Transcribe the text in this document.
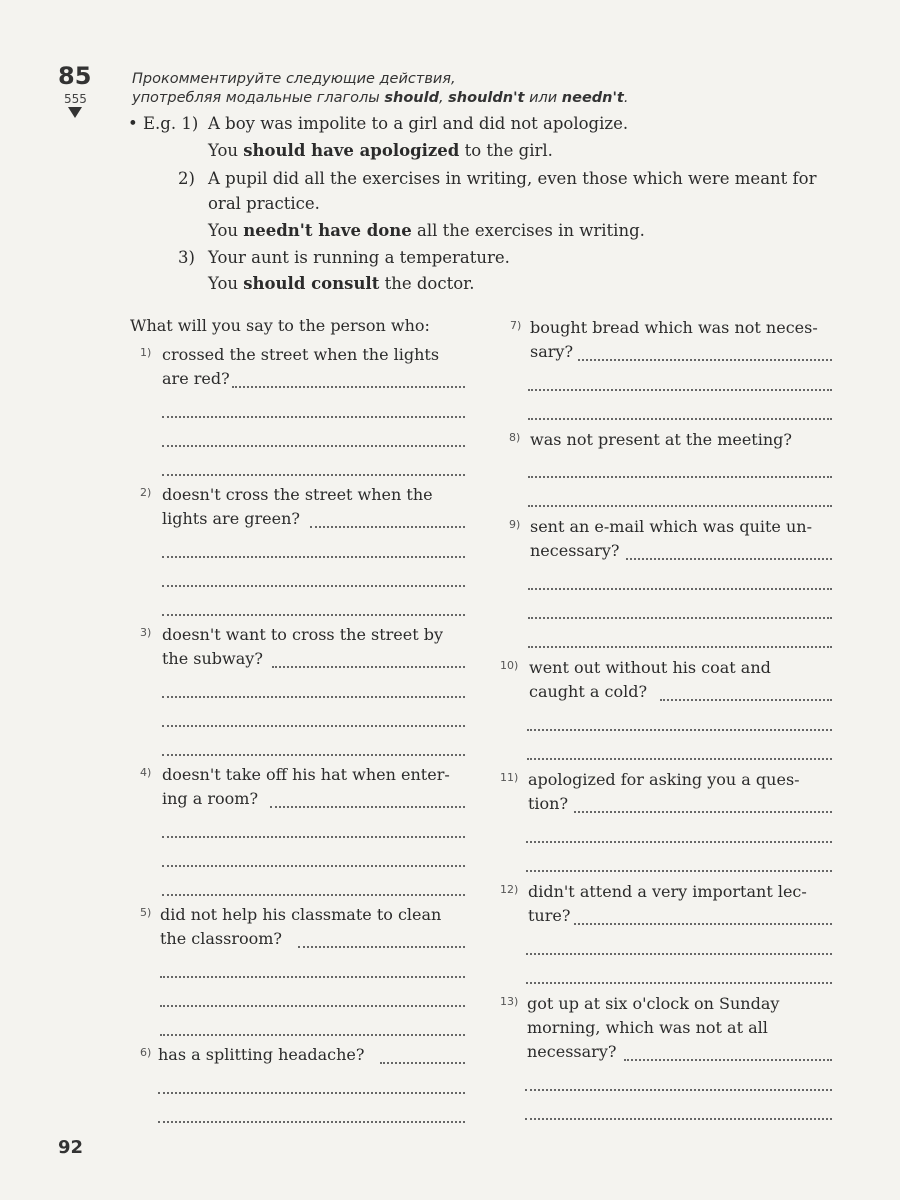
85
555
Прокомментируйте следующие действия,
употребляя модальные глаголы should, shouldn't или needn't.
• E.g. 1) A boy was impolite to a girl and did not apologize.
You should have apologized to the girl.
2) A pupil did all the exercises in writing, even those which were meant for
oral practice.
You needn't have done all the exercises in writing.
3) Your aunt is running a temperature.
You should consult the doctor.
What will you say to the person who:
1) crossed the street when the lights
are red?
2) doesn't cross the street when the
lights are green?
3) doesn't want to cross the street by
the subway?
4) doesn't take off his hat when enter-
ing a room?
5) did not help his classmate to clean
the classroom?
6) has a splitting headache?
7) bought bread which was not neces-
sary?
8) was not present at the meeting?
9) sent an e-mail which was quite un-
necessary?
10) went out without his coat and
caught a cold?
11) apologized for asking you a ques-
tion?
12) didn't attend a very important lec-
ture?
13) got up at six o'clock on Sunday
morning, which was not at all
necessary?
92
